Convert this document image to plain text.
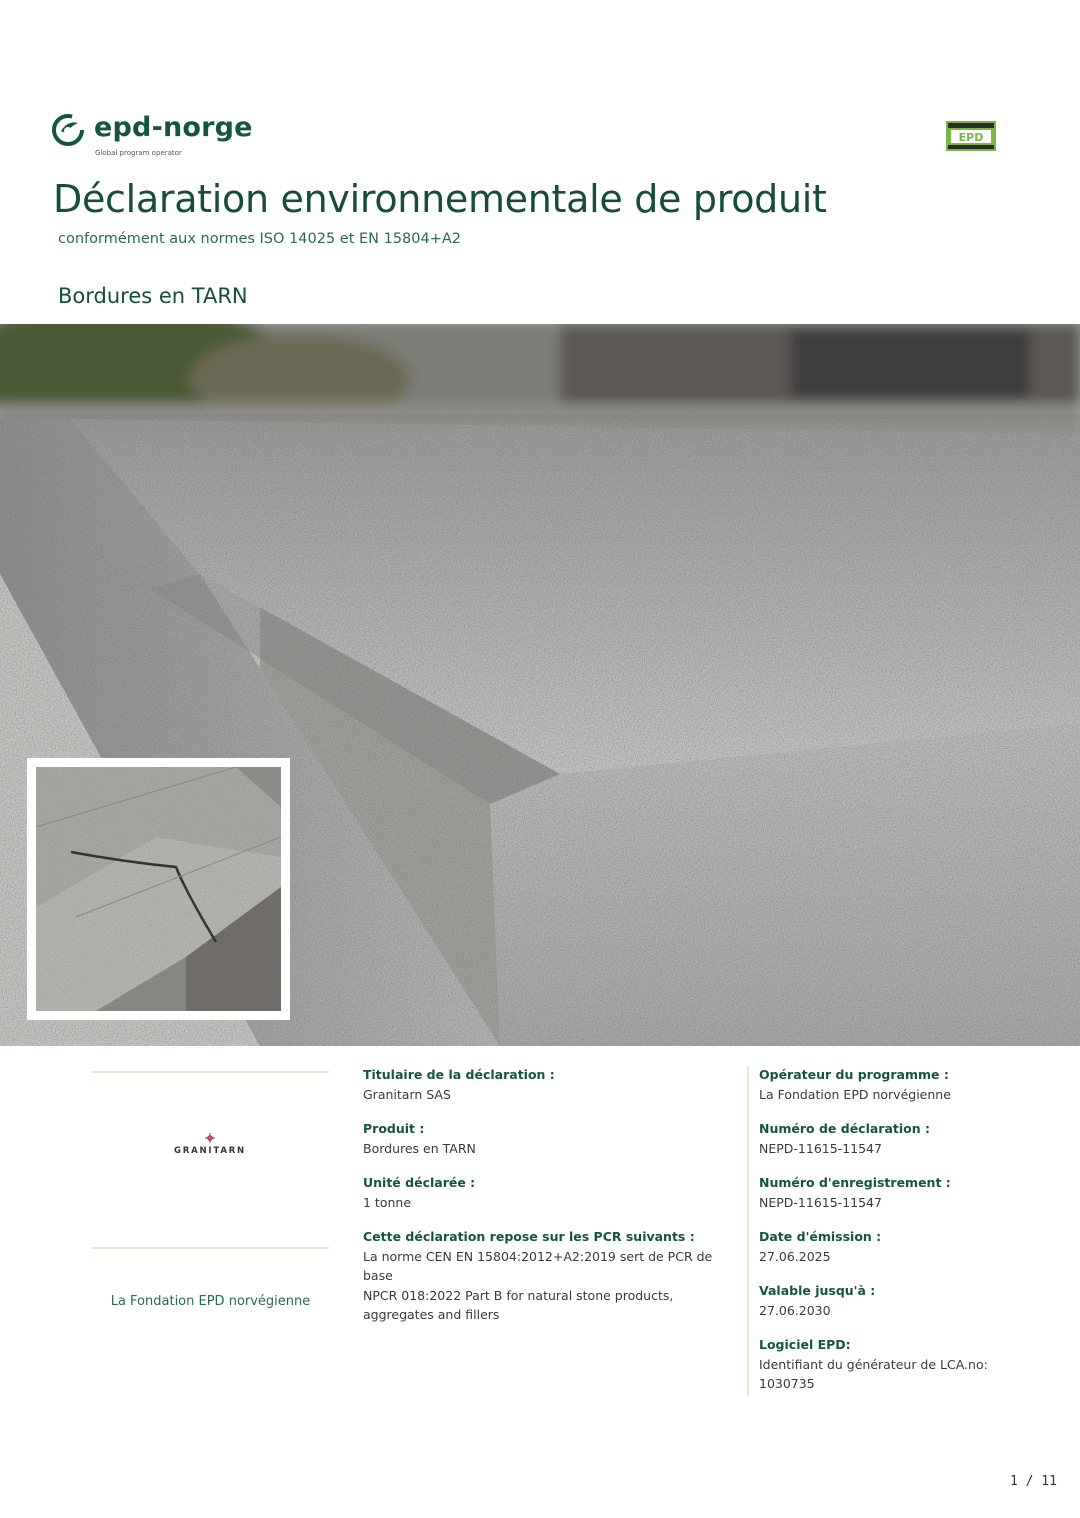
epd-norge
Global program operator
EPD
Déclaration environnementale de produit
conformément aux normes ISO 14025 et EN 15804+A2
Bordures en TARN
GRANITARN
La Fondation EPD norvégienne
Titulaire de la déclaration :
Granitarn SAS
Produit :
Bordures en TARN
Unité déclarée :
1 tonne
Cette déclaration repose sur les PCR suivants :
La norme CEN EN 15804:2012+A2:2019 sert de PCR de base
NPCR 018:2022 Part B for natural stone products, aggregates and fillers
Opérateur du programme :
La Fondation EPD norvégienne
Numéro de déclaration :
NEPD-11615-11547
Numéro d'enregistrement :
NEPD-11615-11547
Date d'émission :
27.06.2025
Valable jusqu'à :
27.06.2030
Logiciel EPD:
Identifiant du générateur de LCA.no: 1030735
1 / 11
